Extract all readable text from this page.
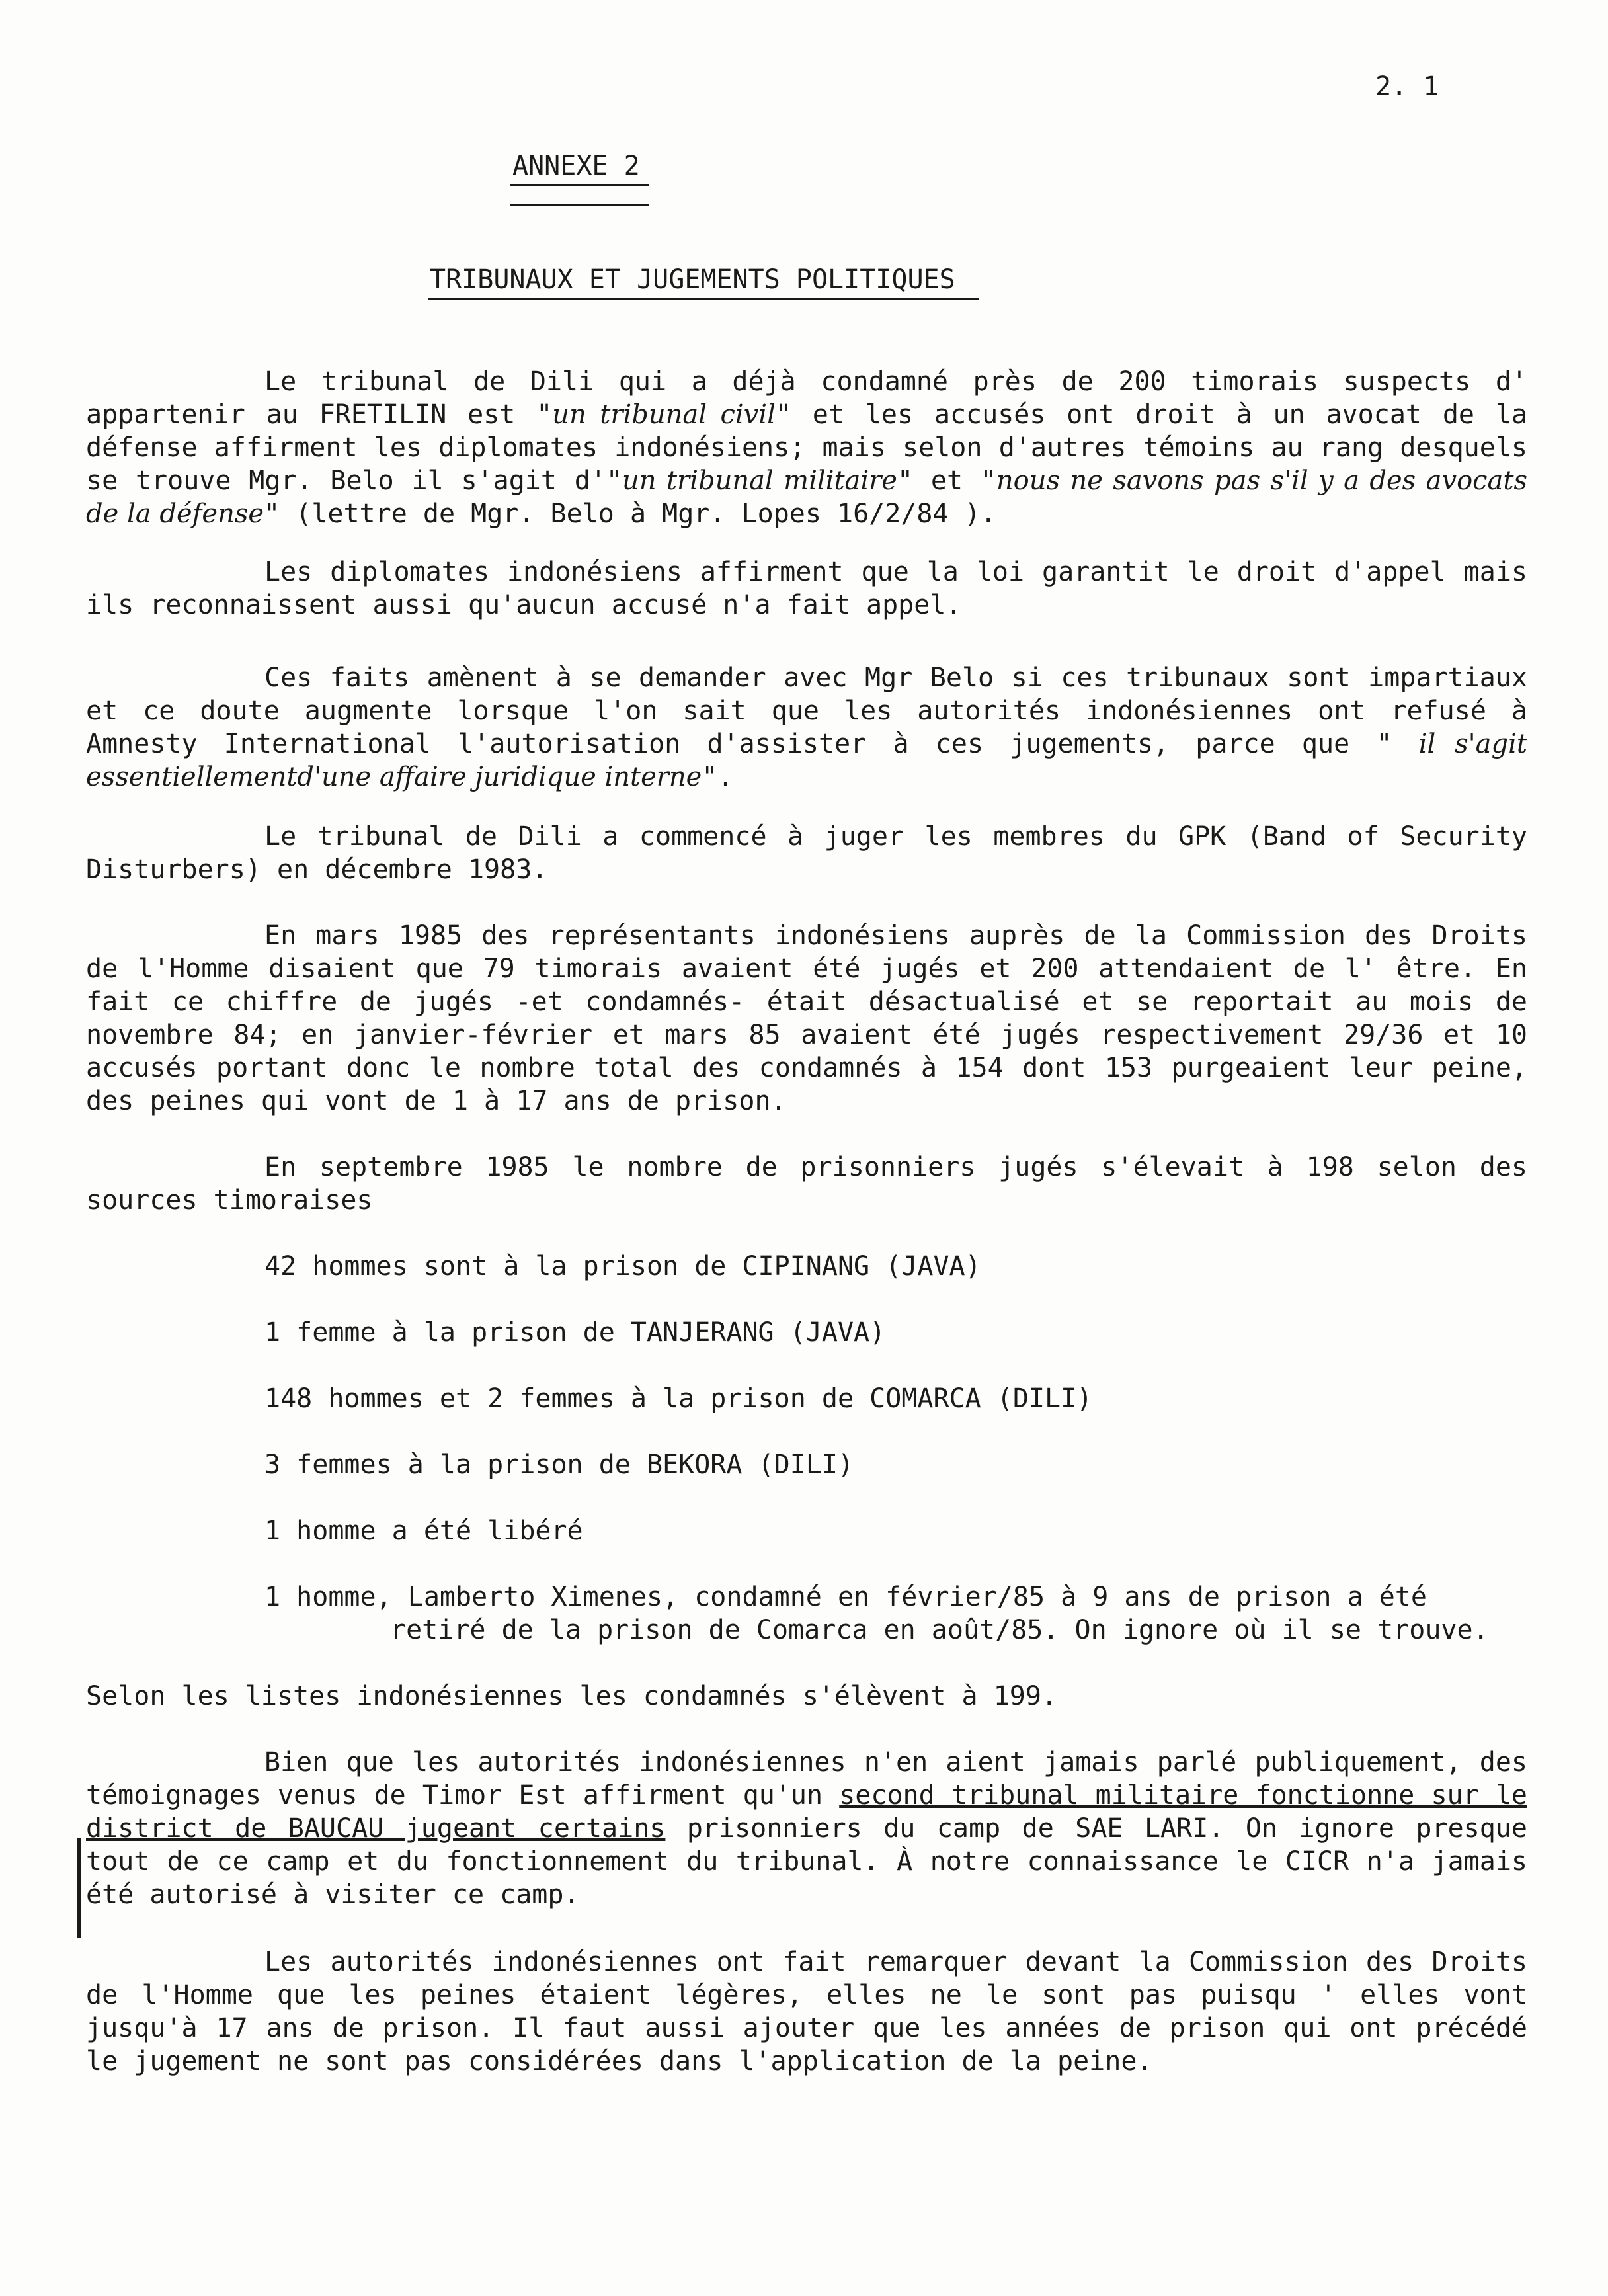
2. 1
ANNEXE 2
TRIBUNAUX ET JUGEMENTS POLITIQUES
Le tribunal de Dili qui a déjà condamné près de 200 timorais suspects d' appartenir au FRETILIN est "un tribunal civil" et les accusés ont droit à un avocat de la défense affirment les diplomates indonésiens; mais selon d'autres témoins au rang desquels se trouve Mgr. Belo il s'agit d'"un tribunal militaire" et "nous ne savons pas s'il y a des avocats de la défense" (lettre de Mgr. Belo à Mgr. Lopes 16/2/84 ).
Les diplomates indonésiens affirment que la loi garantit le droit d'appel mais ils reconnaissent aussi qu'aucun accusé n'a fait appel.
Ces faits amènent à se demander avec Mgr Belo si ces tribunaux sont impartiaux et ce doute augmente lorsque l'on sait que les autorités indonésiennes ont refusé à Amnesty International l'autorisation d'assister à ces jugements, parce que " il s'agit essentiellementd'une affaire juridique interne".
Le tribunal de Dili a commencé à juger les membres du GPK (Band of Security Disturbers) en décembre 1983.
En mars 1985 des représentants indonésiens auprès de la Commission des Droits de l'Homme disaient que 79 timorais avaient été jugés et 200 attendaient de l' être. En fait ce chiffre de jugés -et condamnés- était désactualisé et se reportait au mois de novembre 84; en janvier-février et mars 85 avaient été jugés respectivement 29/36 et 10 accusés portant donc le nombre total des condamnés à 154 dont 153 purgeaient leur peine, des peines qui vont de 1 à 17 ans de prison.
En septembre 1985 le nombre de prisonniers jugés s'élevait à 198 selon des sources timoraises
42 hommes sont à la prison de CIPINANG (JAVA)
1 femme à la prison de TANJERANG (JAVA)
148 hommes et 2 femmes à la prison de COMARCA (DILI)
3 femmes à la prison de BEKORA (DILI)
1 homme a été libéré
1 homme, Lamberto Ximenes, condamné en février/85 à 9 ans de prison a été retiré de la prison de Comarca en août/85. On ignore où il se trouve.
Selon les listes indonésiennes les condamnés s'élèvent à 199.
Bien que les autorités indonésiennes n'en aient jamais parlé publiquement, des témoignages venus de Timor Est affirment qu'un second tribunal militaire fonctionne sur le district de BAUCAU jugeant certains prisonniers du camp de SAE LARI. On ignore presque tout de ce camp et du fonctionnement du tribunal. À notre connaissance le CICR n'a jamais été autorisé à visiter ce camp.
Les autorités indonésiennes ont fait remarquer devant la Commission des Droits de l'Homme que les peines étaient légères, elles ne le sont pas puisqu ' elles vont jusqu'à 17 ans de prison. Il faut aussi ajouter que les années de prison qui ont précédé le jugement ne sont pas considérées dans l'application de la peine.
